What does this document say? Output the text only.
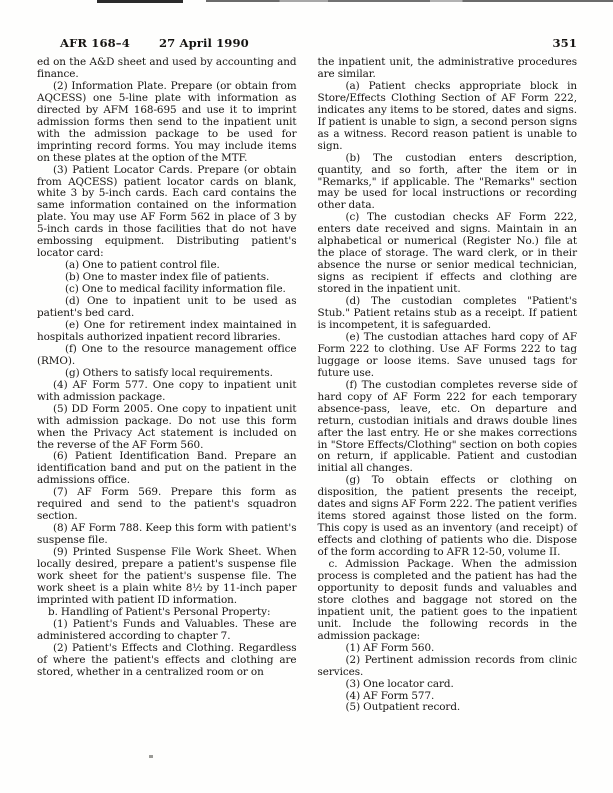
AFR 168–4	27 April 1990	351

ed on the A&D sheet and used by accounting and finance.

(2) Information Plate. Prepare (or obtain from AQCESS) one 5-line plate with information as directed by AFM 168-695 and use it to imprint admission forms then send to the inpatient unit with the admission package to be used for imprinting record forms. You may include items on these plates at the option of the MTF.

(3) Patient Locator Cards. Prepare (or obtain from AQCESS) patient locator cards on blank, white 3 by 5-inch cards. Each card contains the same information contained on the information plate. You may use AF Form 562 in place of 3 by 5-inch cards in those facilities that do not have embossing equipment. Distributing patient's locator card:

(a) One to patient control file.

(b) One to master index file of patients.

(c) One to medical facility information file.

(d) One to inpatient unit to be used as patient's bed card.

(e) One for retirement index maintained in hospitals authorized inpatient record libraries.

(f) One to the resource management office (RMO).

(g) Others to satisfy local requirements.

(4) AF Form 577. One copy to inpatient unit with admission package.

(5) DD Form 2005. One copy to inpatient unit with admission package. Do not use this form when the Privacy Act statement is included on the reverse of the AF Form 560.

(6) Patient Identification Band. Prepare an identification band and put on the patient in the admissions office.

(7) AF Form 569. Prepare this form as required and send to the patient's squadron section.

(8) AF Form 788. Keep this form with patient's suspense file.

(9) Printed Suspense File Work Sheet. When locally desired, prepare a patient's suspense file work sheet for the patient's suspense file. The work sheet is a plain white 8½ by 11-inch paper imprinted with patient ID information.

b. Handling of Patient's Personal Property:

(1) Patient's Funds and Valuables. These are administered according to chapter 7.

(2) Patient's Effects and Clothing. Regardless of where the patient's effects and clothing are stored, whether in a centralized room or on

the inpatient unit, the administrative procedures are similar.

(a) Patient checks appropriate block in Store/Effects Clothing Section of AF Form 222, indicates any items to be stored, dates and signs. If patient is unable to sign, a second person signs as a witness. Record reason patient is unable to sign.

(b) The custodian enters description, quantity, and so forth, after the item or in "Remarks," if applicable. The "Remarks" section may be used for local instructions or recording other data.

(c) The custodian checks AF Form 222, enters date received and signs. Maintain in an alphabetical or numerical (Register No.) file at the place of storage. The ward clerk, or in their absence the nurse or senior medical technician, signs as recipient if effects and clothing are stored in the inpatient unit.

(d) The custodian completes "Patient's Stub." Patient retains stub as a receipt. If patient is incompetent, it is safeguarded.

(e) The custodian attaches hard copy of AF Form 222 to clothing. Use AF Forms 222 to tag luggage or loose items. Save unused tags for future use.

(f) The custodian completes reverse side of hard copy of AF Form 222 for each temporary absence-pass, leave, etc. On departure and return, custodian initials and draws double lines after the last entry. He or she makes corrections in "Store Effects/Clothing" section on both copies on return, if applicable. Patient and custodian initial all changes.

(g) To obtain effects or clothing on disposition, the patient presents the receipt, dates and signs AF Form 222. The patient verifies items stored against those listed on the form. This copy is used as an inventory (and receipt) of effects and clothing of patients who die. Dispose of the form according to AFR 12-50, volume II.

c. Admission Package. When the admission process is completed and the patient has had the opportunity to deposit funds and valuables and store clothes and baggage not stored on the inpatient unit, the patient goes to the inpatient unit. Include the following records in the admission package:

(1) AF Form 560.

(2) Pertinent admission records from clinic services.

(3) One locator card.

(4) AF Form 577.

(5) Outpatient record.
